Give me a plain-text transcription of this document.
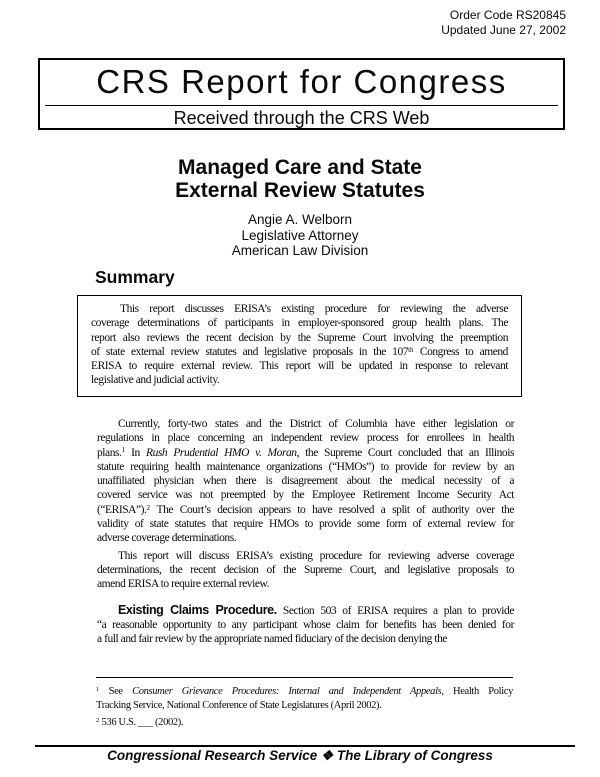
Order Code RS20845
Updated June 27, 2002
CRS Report for Congress
Received through the CRS Web
Managed Care and State
External Review Statutes
Angie A. Welborn
Legislative Attorney
American Law Division
Summary
This report discusses ERISA’s existing procedure for reviewing the adverse
coverage determinations of participants in employer-sponsored group health plans. The
report also reviews the recent decision by the Supreme Court involving the preemption
of state external review statutes and legislative proposals in the 107th Congress to amend
ERISA to require external review. This report will be updated in response to relevant
legislative and judicial activity.
Currently, forty-two states and the District of Columbia have either legislation or
regulations in place concerning an independent review process for enrollees in health
plans.$^1$ In Rush Prudential HMO v. Moran, the Supreme Court concluded that an Illinois
statute requiring health maintenance organizations (“HMOs”) to provide for review by an
unaffiliated physician when there is disagreement about the medical necessity of a
covered service was not preempted by the Employee Retirement Income Security Act
(“ERISA”).$^2$ The Court’s decision appears to have resolved a split of authority over the
validity of state statutes that require HMOs to provide some form of external review for
adverse coverage determinations.
This report will discuss ERISA’s existing procedure for reviewing adverse coverage
determinations, the recent decision of the Supreme Court, and legislative proposals to
amend ERISA to require external review.
Existing Claims Procedure. Section 503 of ERISA requires a plan to provide
“a reasonable opportunity to any participant whose claim for benefits has been denied for
a full and fair review by the appropriate named fiduciary of the decision denying the
$^1$ See Consumer Grievance Procedures: Internal and Independent Appeals, Health Policy
Tracking Service, National Conference of State Legislatures (April 2002).
$^2$ 536 U.S. ___ (2002).
Congressional Research Service ❖ The Library of Congress
